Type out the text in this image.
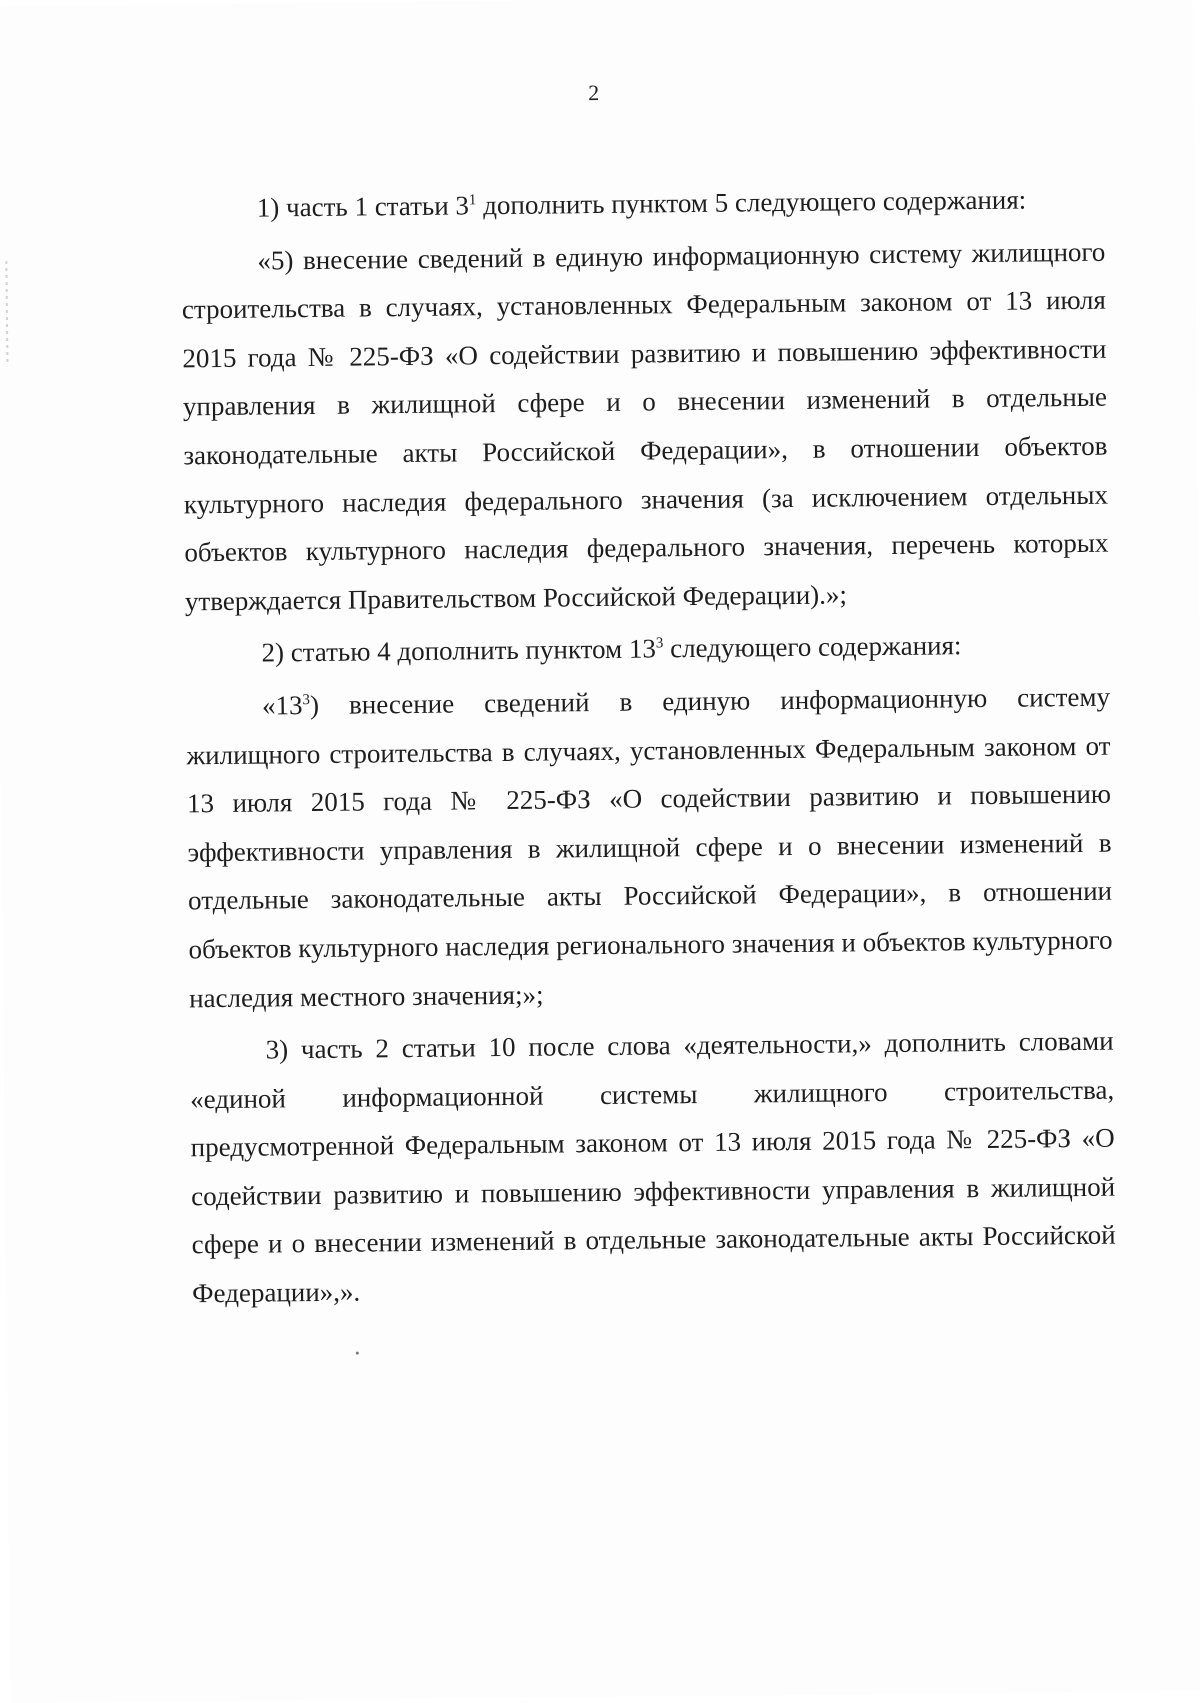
2

1) часть 1 статьи $3^1$ дополнить пунктом 5 следующего содержания:

«5) внесение сведений в единую информационную систему жилищного строительства в случаях, установленных Федеральным законом от 13 июля 2015 года № 225-ФЗ «О содействии развитию и повышению эффективности управления в жилищной сфере и о внесении изменений в отдельные законодательные акты Российской Федерации», в отношении объектов культурного наследия федерального значения (за исключением отдельных объектов культурного наследия федерального значения, перечень которых утверждается Правительством Российской Федерации).»;

2) статью 4 дополнить пунктом $13^3$ следующего содержания:

«$13^3$) внесение сведений в единую информационную систему жилищного строительства в случаях, установленных Федеральным законом от 13 июля 2015 года № 225-ФЗ «О содействии развитию и повышению эффективности управления в жилищной сфере и о внесении изменений в отдельные законодательные акты Российской Федерации», в отношении объектов культурного наследия регионального значения и объектов культурного наследия местного значения;»;

3) часть 2 статьи 10 после слова «деятельности,» дополнить словами «единой информационной системы жилищного строительства, предусмотренной Федеральным законом от 13 июля 2015 года № 225-ФЗ «О содействии развитию и повышению эффективности управления в жилищной сфере и о внесении изменений в отдельные законодательные акты Российской Федерации»,».
